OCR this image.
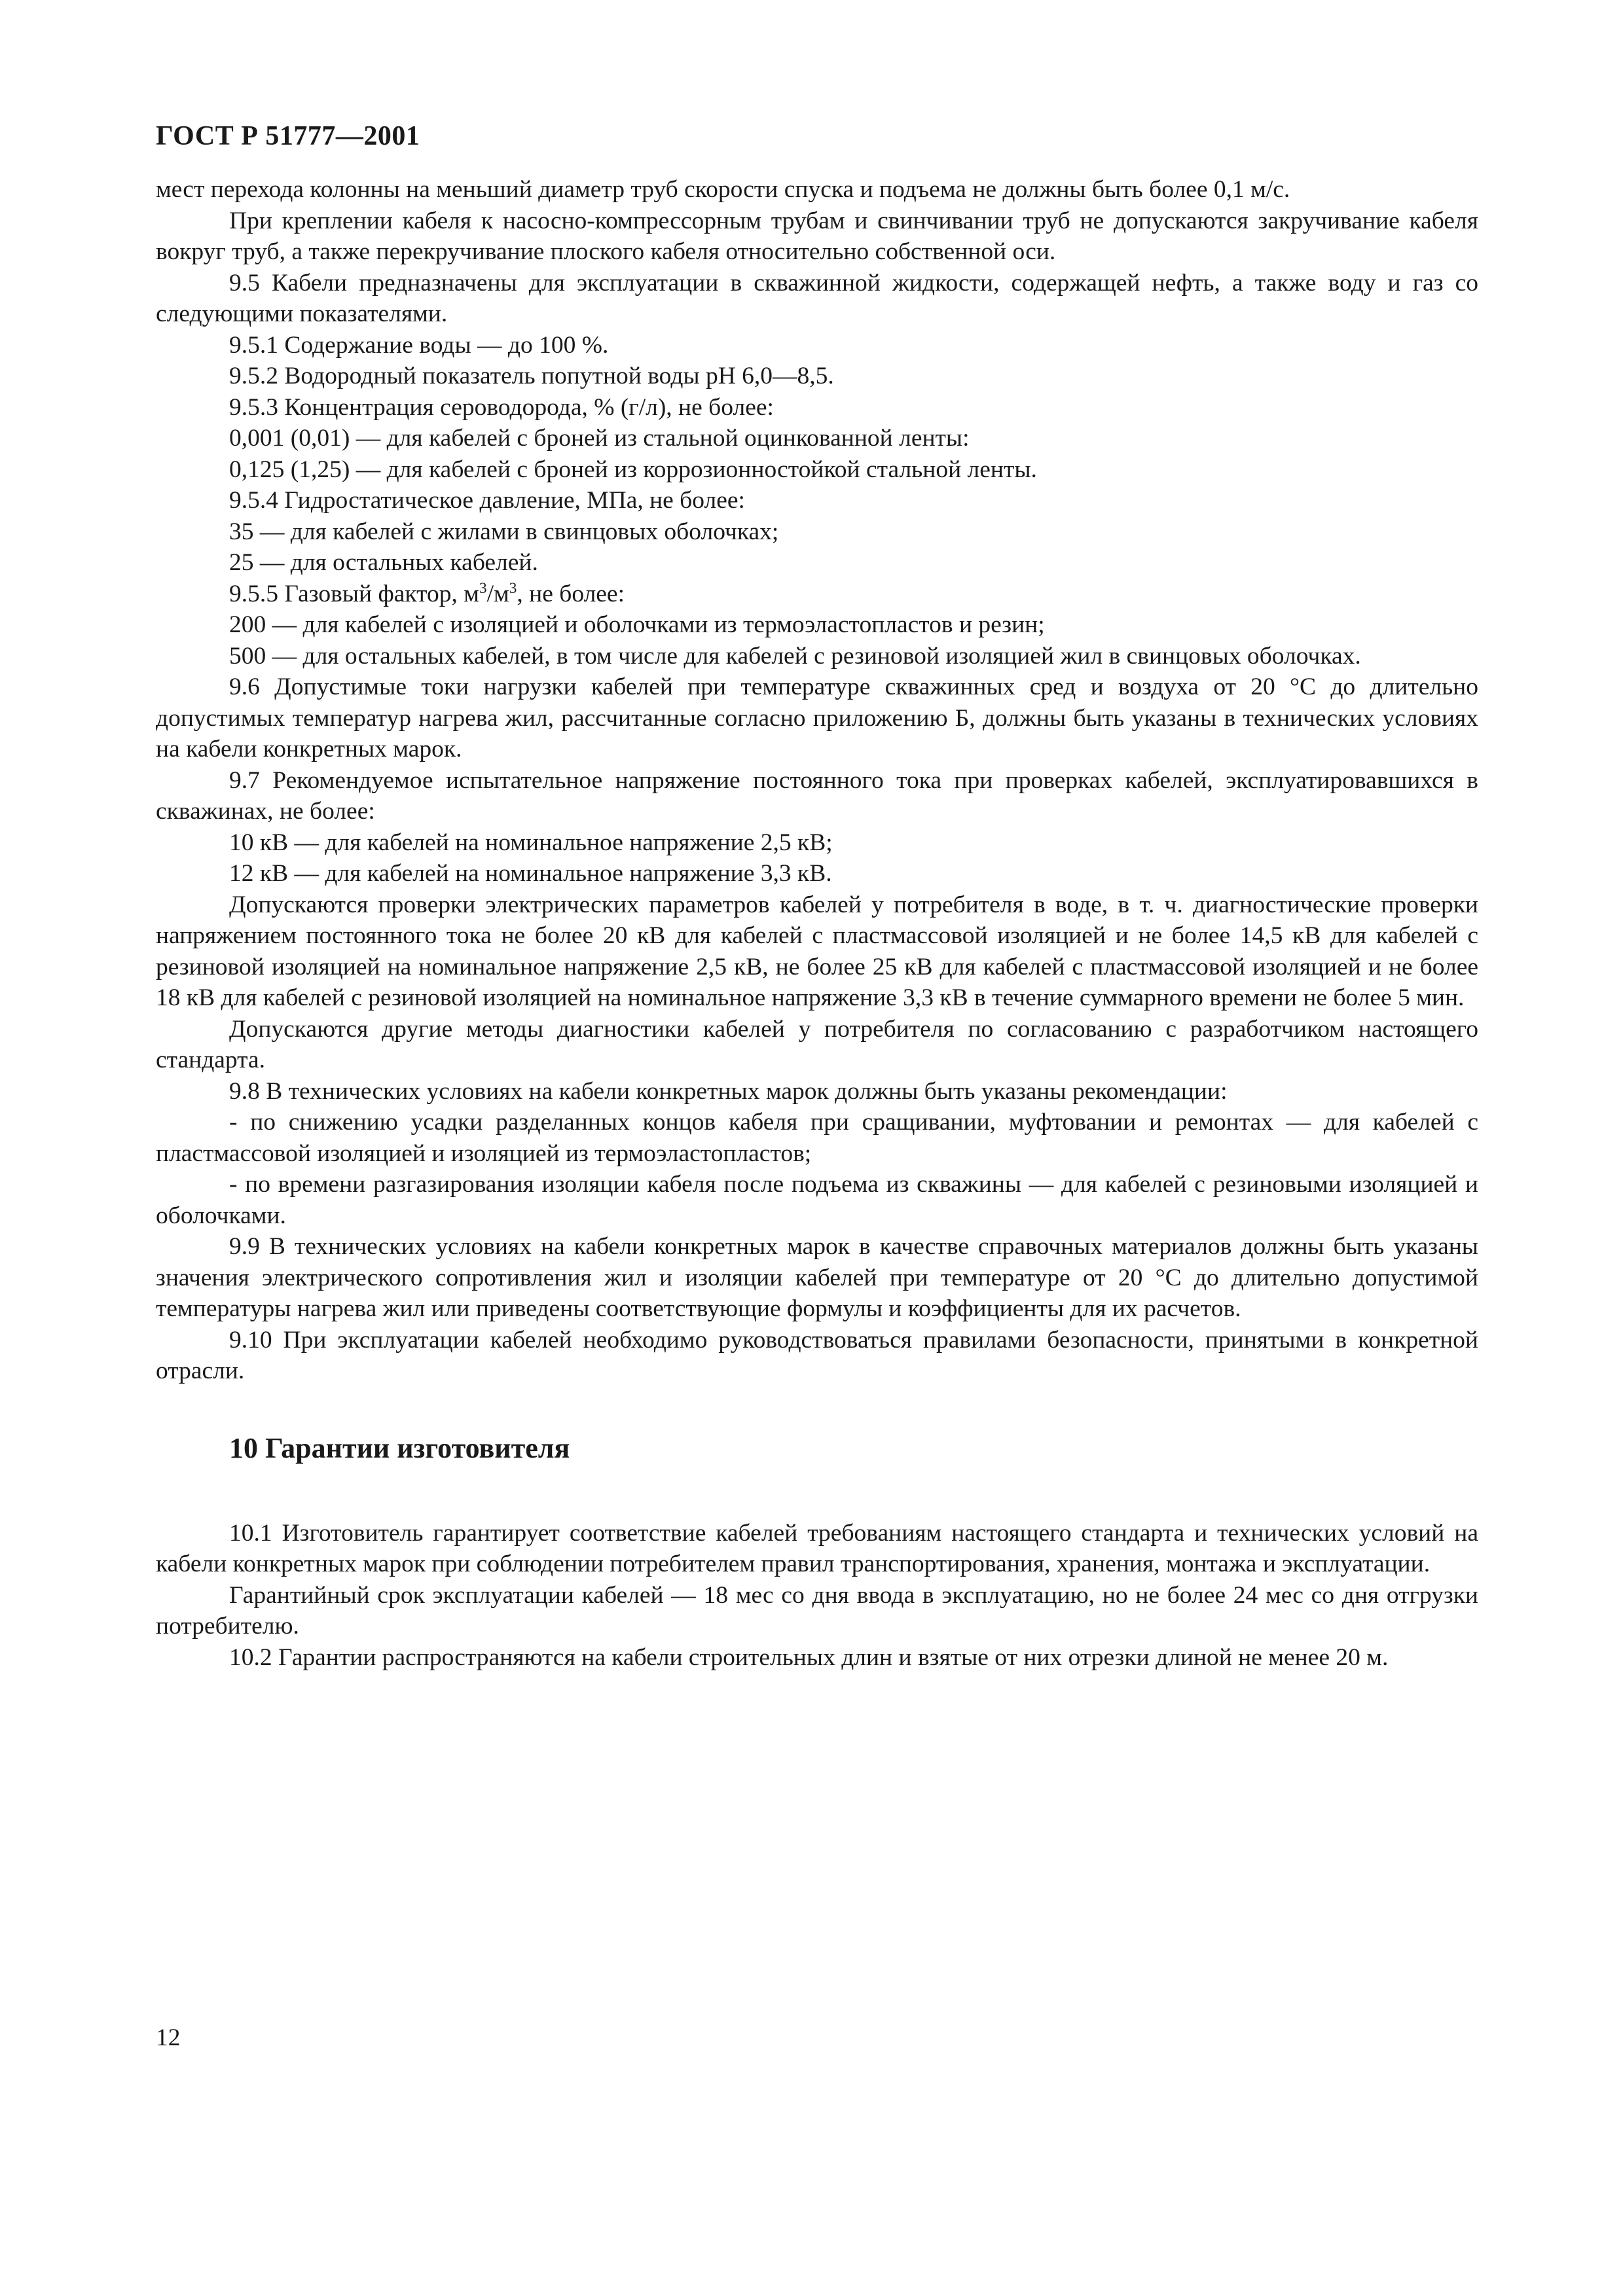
ГОСТ Р 51777—2001

мест перехода колонны на меньший диаметр труб скорости спуска и подъема не должны быть более 0,1 м/с.

При креплении кабеля к насосно-компрессорным трубам и свинчивании труб не допускаются закручивание кабеля вокруг труб, а также перекручивание плоского кабеля относительно собственной оси.

9.5 Кабели предназначены для эксплуатации в скважинной жидкости, содержащей нефть, а также воду и газ со следующими показателями.

9.5.1 Содержание воды — до 100 %.

9.5.2 Водородный показатель попутной воды pH 6,0—8,5.

9.5.3 Концентрация сероводорода, % (г/л), не более:

0,001 (0,01) — для кабелей с броней из стальной оцинкованной ленты:

0,125 (1,25) — для кабелей с броней из коррозионностойкой стальной ленты.

9.5.4 Гидростатическое давление, МПа, не более:

35 — для кабелей с жилами в свинцовых оболочках;

25 — для остальных кабелей.

9.5.5 Газовый фактор, $м^3/м^3$, не более:

200 — для кабелей с изоляцией и оболочками из термоэластопластов и резин;

500 — для остальных кабелей, в том числе для кабелей с резиновой изоляцией жил в свинцовых оболочках.

9.6 Допустимые токи нагрузки кабелей при температуре скважинных сред и воздуха от 20 °С до длительно допустимых температур нагрева жил, рассчитанные согласно приложению Б, должны быть указаны в технических условиях на кабели конкретных марок.

9.7 Рекомендуемое испытательное напряжение постоянного тока при проверках кабелей, эксплуатировавшихся в скважинах, не более:

10 кВ — для кабелей на номинальное напряжение 2,5 кВ;

12 кВ — для кабелей на номинальное напряжение 3,3 кВ.

Допускаются проверки электрических параметров кабелей у потребителя в воде, в т. ч. диагностические проверки напряжением постоянного тока не более 20 кВ для кабелей с пластмассовой изоляцией и не более 14,5 кВ для кабелей с резиновой изоляцией на номинальное напряжение 2,5 кВ, не более 25 кВ для кабелей с пластмассовой изоляцией и не более 18 кВ для кабелей с резиновой изоляцией на номинальное напряжение 3,3 кВ в течение суммарного времени не более 5 мин.

Допускаются другие методы диагностики кабелей у потребителя по согласованию с разработчиком настоящего стандарта.

9.8 В технических условиях на кабели конкретных марок должны быть указаны рекомендации:

- по снижению усадки разделанных концов кабеля при сращивании, муфтовании и ремонтах — для кабелей с пластмассовой изоляцией и изоляцией из термоэластопластов;

- по времени разгазирования изоляции кабеля после подъема из скважины — для кабелей с резиновыми изоляцией и оболочками.

9.9 В технических условиях на кабели конкретных марок в качестве справочных материалов должны быть указаны значения электрического сопротивления жил и изоляции кабелей при температуре от 20 °С до длительно допустимой температуры нагрева жил или приведены соответствующие формулы и коэффициенты для их расчетов.

9.10 При эксплуатации кабелей необходимо руководствоваться правилами безопасности, принятыми в конкретной отрасли.

10 Гарантии изготовителя

10.1 Изготовитель гарантирует соответствие кабелей требованиям настоящего стандарта и технических условий на кабели конкретных марок при соблюдении потребителем правил транспортирования, хранения, монтажа и эксплуатации.

Гарантийный срок эксплуатации кабелей — 18 мес со дня ввода в эксплуатацию, но не более 24 мес со дня отгрузки потребителю.

10.2 Гарантии распространяются на кабели строительных длин и взятые от них отрезки длиной не менее 20 м.

12
